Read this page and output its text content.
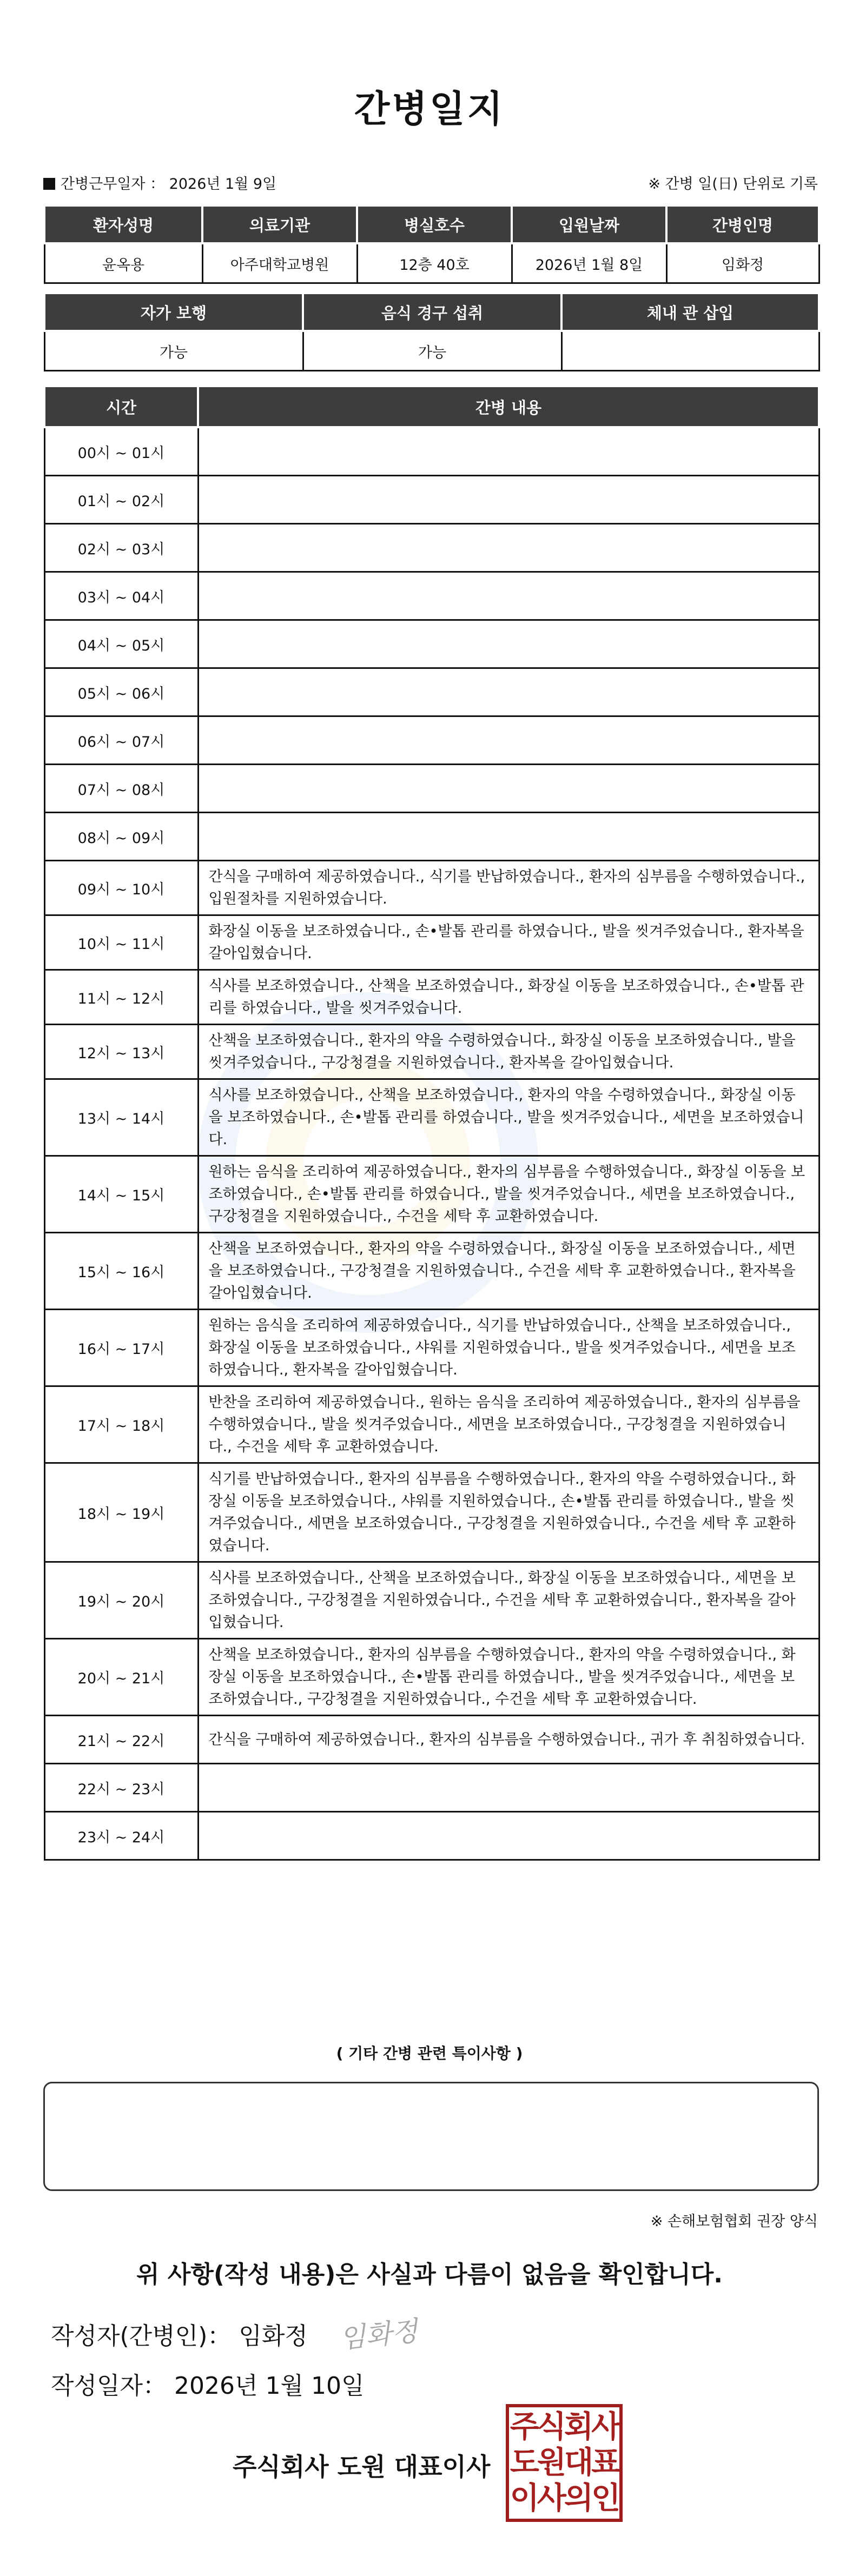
간병일지
간병근무일자 ： 2026년 1월 9일	※ 간병 일(日) 단위로 기록
환자성명	의료기관	병실호수	입원날짜	간병인명
윤옥용	아주대학교병원	12층 40호	2026년 1월 8일	임화정
자가 보행	음식 경구 섭취	체내 관 삽입
가능	가능	
시간	간병 내용
00시 ~ 01시	
01시 ~ 02시	
02시 ~ 03시	
03시 ~ 04시	
04시 ~ 05시	
05시 ~ 06시	
06시 ~ 07시	
07시 ~ 08시	
08시 ~ 09시	
09시 ~ 10시	간식을 구매하여 제공하였습니다., 식기를 반납하였습니다., 환자의 심부름을 수행하였습니다., 입원절차를 지원하였습니다.
10시 ~ 11시	화장실 이동을 보조하였습니다., 손•발톱 관리를 하였습니다., 발을 씻겨주었습니다., 환자복을 갈아입혔습니다.
11시 ~ 12시	식사를 보조하였습니다., 산책을 보조하였습니다., 화장실 이동을 보조하였습니다., 손•발톱 관리를 하였습니다., 발을 씻겨주었습니다.
12시 ~ 13시	산책을 보조하였습니다., 환자의 약을 수령하였습니다., 화장실 이동을 보조하였습니다., 발을 씻겨주었습니다., 구강청결을 지원하였습니다., 환자복을 갈아입혔습니다.
13시 ~ 14시	식사를 보조하였습니다., 산책을 보조하였습니다., 환자의 약을 수령하였습니다., 화장실 이동을 보조하였습니다., 손•발톱 관리를 하였습니다., 발을 씻겨주었습니다., 세면을 보조하였습니다.
14시 ~ 15시	원하는 음식을 조리하여 제공하였습니다., 환자의 심부름을 수행하였습니다., 화장실 이동을 보조하였습니다., 손•발톱 관리를 하였습니다., 발을 씻겨주었습니다., 세면을 보조하였습니다., 구강청결을 지원하였습니다., 수건을 세탁 후 교환하였습니다.
15시 ~ 16시	산책을 보조하였습니다., 환자의 약을 수령하였습니다., 화장실 이동을 보조하였습니다., 세면을 보조하였습니다., 구강청결을 지원하였습니다., 수건을 세탁 후 교환하였습니다., 환자복을 갈아입혔습니다.
16시 ~ 17시	원하는 음식을 조리하여 제공하였습니다., 식기를 반납하였습니다., 산책을 보조하였습니다., 화장실 이동을 보조하였습니다., 샤워를 지원하였습니다., 발을 씻겨주었습니다., 세면을 보조하였습니다., 환자복을 갈아입혔습니다.
17시 ~ 18시	반찬을 조리하여 제공하였습니다., 원하는 음식을 조리하여 제공하였습니다., 환자의 심부름을 수행하였습니다., 발을 씻겨주었습니다., 세면을 보조하였습니다., 구강청결을 지원하였습니다., 수건을 세탁 후 교환하였습니다.
18시 ~ 19시	식기를 반납하였습니다., 환자의 심부름을 수행하였습니다., 환자의 약을 수령하였습니다., 화장실 이동을 보조하였습니다., 샤워를 지원하였습니다., 손•발톱 관리를 하였습니다., 발을 씻겨주었습니다., 세면을 보조하였습니다., 구강청결을 지원하였습니다., 수건을 세탁 후 교환하였습니다.
19시 ~ 20시	식사를 보조하였습니다., 산책을 보조하였습니다., 화장실 이동을 보조하였습니다., 세면을 보조하였습니다., 구강청결을 지원하였습니다., 수건을 세탁 후 교환하였습니다., 환자복을 갈아입혔습니다.
20시 ~ 21시	산책을 보조하였습니다., 환자의 심부름을 수행하였습니다., 환자의 약을 수령하였습니다., 화장실 이동을 보조하였습니다., 손•발톱 관리를 하였습니다., 발을 씻겨주었습니다., 세면을 보조하였습니다., 구강청결을 지원하였습니다., 수건을 세탁 후 교환하였습니다.
21시 ~ 22시	간식을 구매하여 제공하였습니다., 환자의 심부름을 수행하였습니다., 귀가 후 취침하였습니다.
22시 ~ 23시	
23시 ~ 24시	
( 기타 간병 관련 특이사항 )
※ 손해보험협회 권장 양식
위 사항(작성 내용)은 사실과 다름이 없음을 확인합니다.
작성자(간병인)： 임화정 임화정
작성일자： 2026년 1월 10일
주식회사 도원 대표이사
주식회사
도원대표
이사의인
